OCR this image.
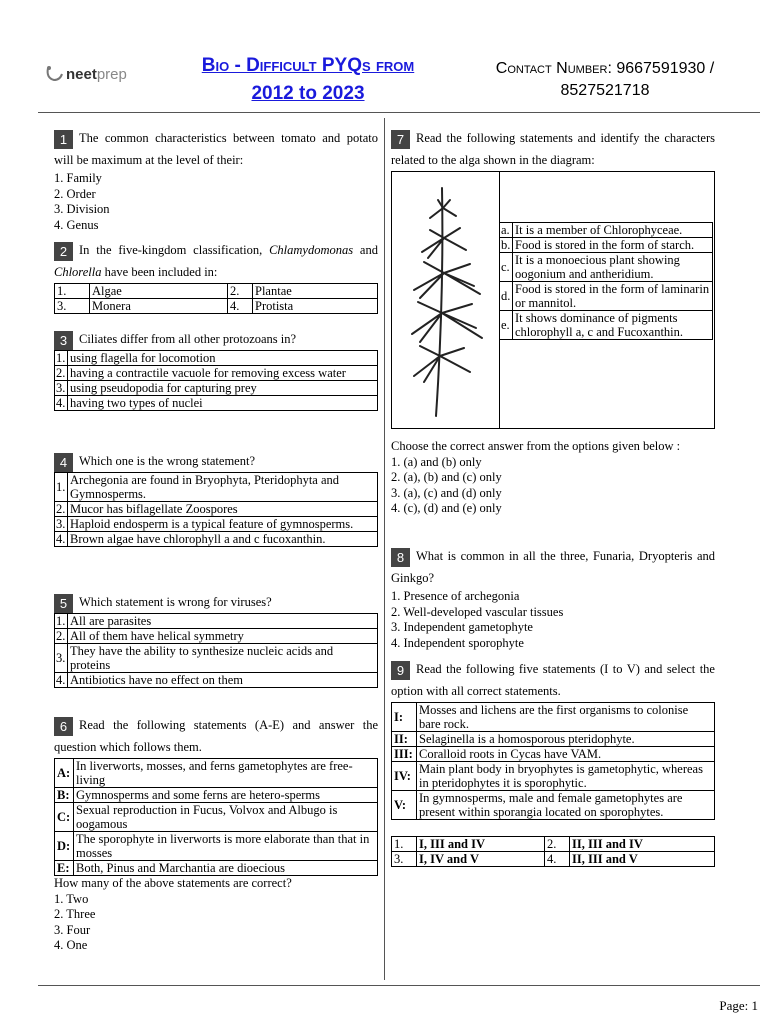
neetprep	Bio - Difficult PYQs from
2012 to 2023
Contact Number: 9667591930 /
8527521718
1 The common characteristics between tomato and potato will be maximum at the level of their:
1. Family
2. Order
3. Division
4. Genus
2 In the five-kingdom classification, Chlamydomonas and Chlorella have been included in:
1.	Algae	2.	Plantae
3.	Monera	4.	Protista
3 Ciliates differ from all other protozoans in?
1.	using flagella for locomotion
2.	having a contractile vacuole for removing excess water
3.	using pseudopodia for capturing prey
4.	having two types of nuclei
4 Which one is the wrong statement?
1.	Archegonia are found in Bryophyta, Pteridophyta and Gymnosperms.
2.	Mucor has biflagellate Zoospores
3.	Haploid endosperm is a typical feature of gymnosperms.
4.	Brown algae have chlorophyll a and c fucoxanthin.
5 Which statement is wrong for viruses?
1.	All are parasites
2.	All of them have helical symmetry
3.	They have the ability to synthesize nucleic acids and proteins
4.	Antibiotics have no effect on them
6 Read the following statements (A-E) and answer the question which follows them.
A:	In liverworts, mosses, and ferns gametophytes are free-living
B:	Gymnosperms and some ferns are hetero-sperms
C:	Sexual reproduction in Fucus, Volvox and Albugo is oogamous
D:	The sporophyte in liverworts is more elaborate than that in mosses
E:	Both, Pinus and Marchantia are dioecious
How many of the above statements are correct?
1. Two
2. Three
3. Four
4. One
7 Read the following statements and identify the characters related to the alga shown in the diagram:
a.	It is a member of Chlorophyceae.
b.	Food is stored in the form of starch.
c.	It is a monoecious plant showing oogonium and antheridium.
d.	Food is stored in the form of laminarin or mannitol.
e.	It shows dominance of pigments chlorophyll a, c and Fucoxanthin.
Choose the correct answer from the options given below :
1. (a) and (b) only
2. (a), (b) and (c) only
3. (a), (c) and (d) only
4. (c), (d) and (e) only
8 What is common in all the three, Funaria, Dryopteris and Ginkgo?
1. Presence of archegonia
2. Well-developed vascular tissues
3. Independent gametophyte
4. Independent sporophyte
9 Read the following five statements (I to V) and select the option with all correct statements.
I:	Mosses and lichens are the first organisms to colonise bare rock.
II:	Selaginella is a homosporous pteridophyte.
III:	Coralloid roots in Cycas have VAM.
IV:	Main plant body in bryophytes is gametophytic, whereas in pteridophytes it is sporophytic.
V:	In gymnosperms, male and female gametophytes are present within sporangia located on sporophytes.
1.	I, III and IV	2.	II, III and IV
3.	I, IV and V	4.	II, III and V
Page: 1
